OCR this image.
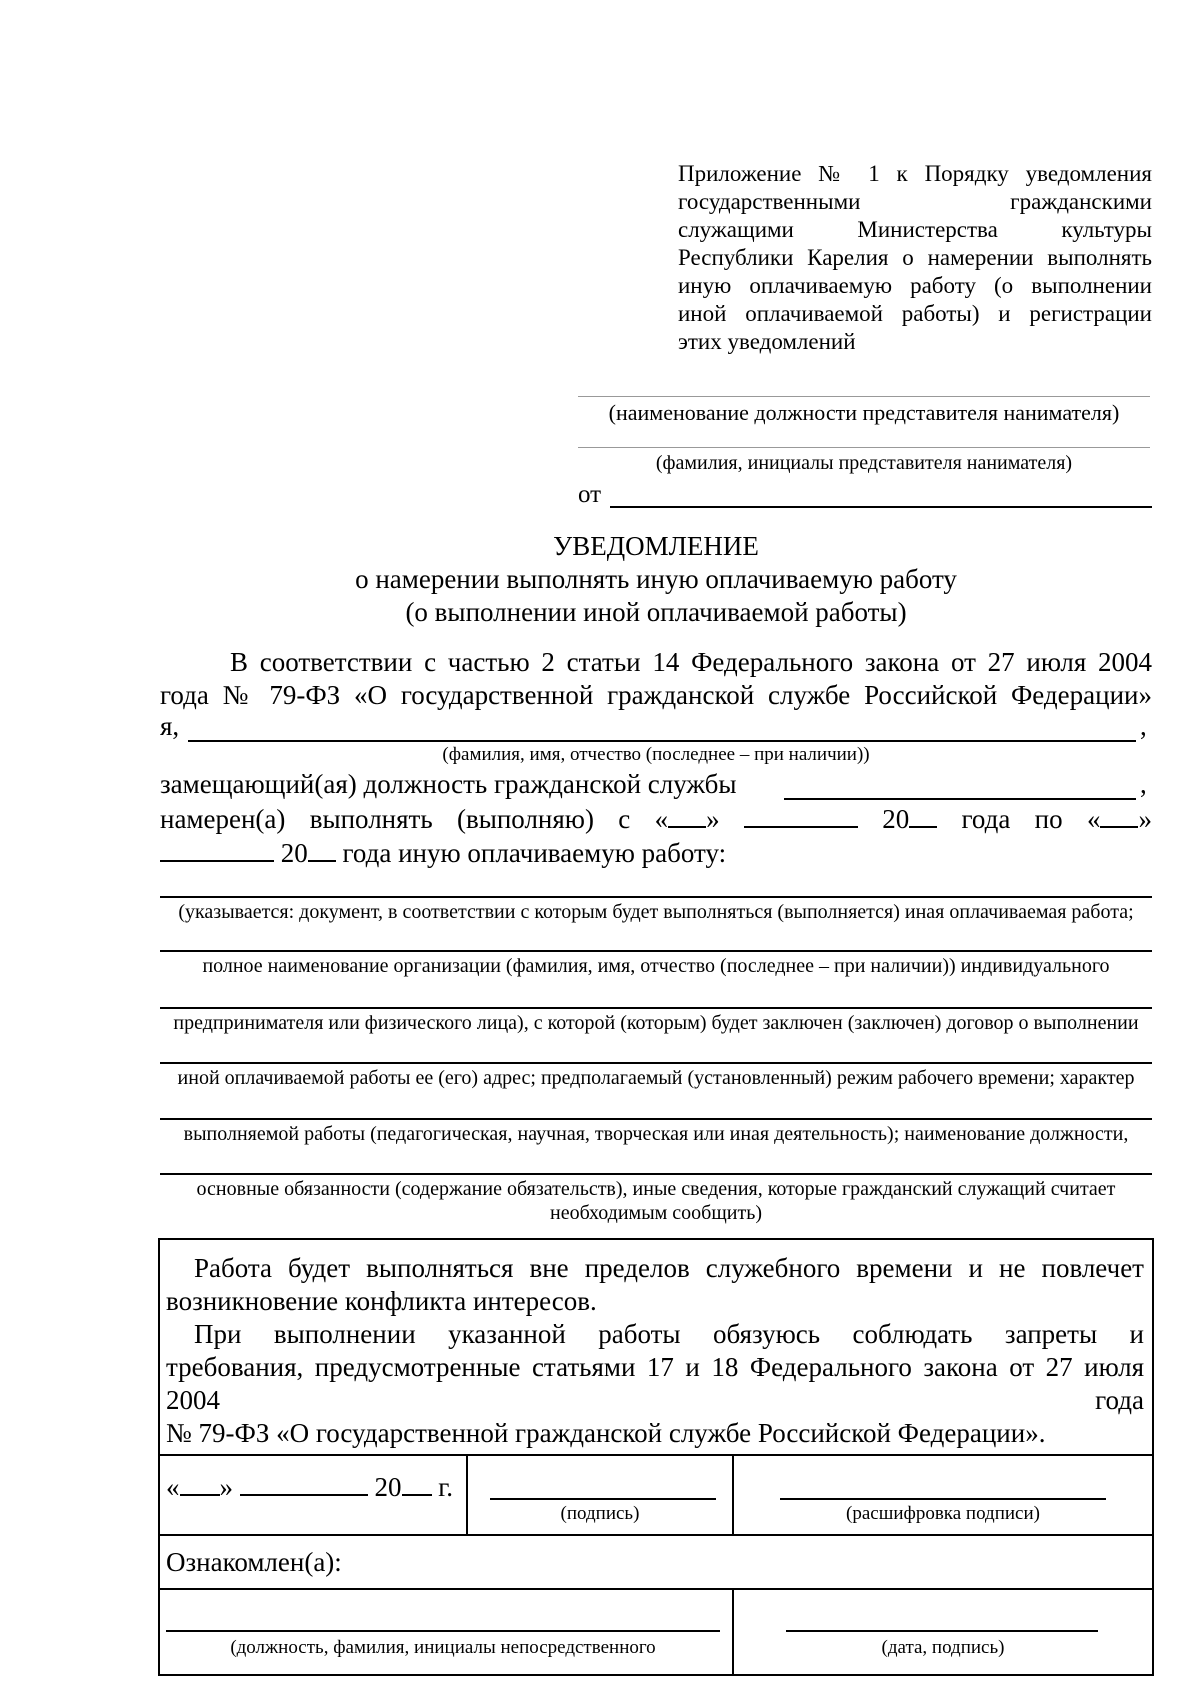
Приложение № 1 к Порядку уведомления
государственными гражданскими
служащими Министерства культуры
Республики Карелия о намерении выполнять
иную оплачиваемую работу (о выполнении
иной оплачиваемой работы) и регистрации
этих уведомлений
(наименование должности представителя нанимателя)
(фамилия, инициалы представителя нанимателя)
от
УВЕДОМЛЕНИЕ
о намерении выполнять иную оплачиваемую работу
(о выполнении иной оплачиваемой работы)
В соответствии с частью 2 статьи 14 Федерального закона от 27 июля 2004
года № 79-ФЗ «О государственной гражданской службе Российской Федерации»
я,	,
(фамилия, имя, отчество (последнее – при наличии))
замещающий(ая) должность гражданской службы	,
намерен(а) выполнять (выполняю) с « »	20	года по « »
20 года иную оплачиваемую работу:
(указывается: документ, в соответствии с которым будет выполняться (выполняется) иная оплачиваемая работа;
полное наименование организации (фамилия, имя, отчество (последнее – при наличии)) индивидуального
предпринимателя или физического лица), с которой (которым) будет заключен (заключен) договор о выполнении
иной оплачиваемой работы ее (его) адрес; предполагаемый (установленный) режим рабочего времени; характер
выполняемой работы (педагогическая, научная, творческая или иная деятельность); наименование должности,
основные обязанности (содержание обязательств), иные сведения, которые гражданский служащий считает
необходимым сообщить)
Работа будет выполняться вне пределов служебного времени и не повлечет
возникновение конфликта интересов.
При выполнении указанной работы обязуюсь соблюдать запреты и
требования, предусмотренные статьями 17 и 18 Федерального закона от 27 июля
2004	года
№ 79-ФЗ «О государственной гражданской службе Российской Федерации».
« »	20 г.
(подпись)	(расшифровка подписи)
Ознакомлен(а):
(должность, фамилия, инициалы непосредственного	(дата, подпись)
